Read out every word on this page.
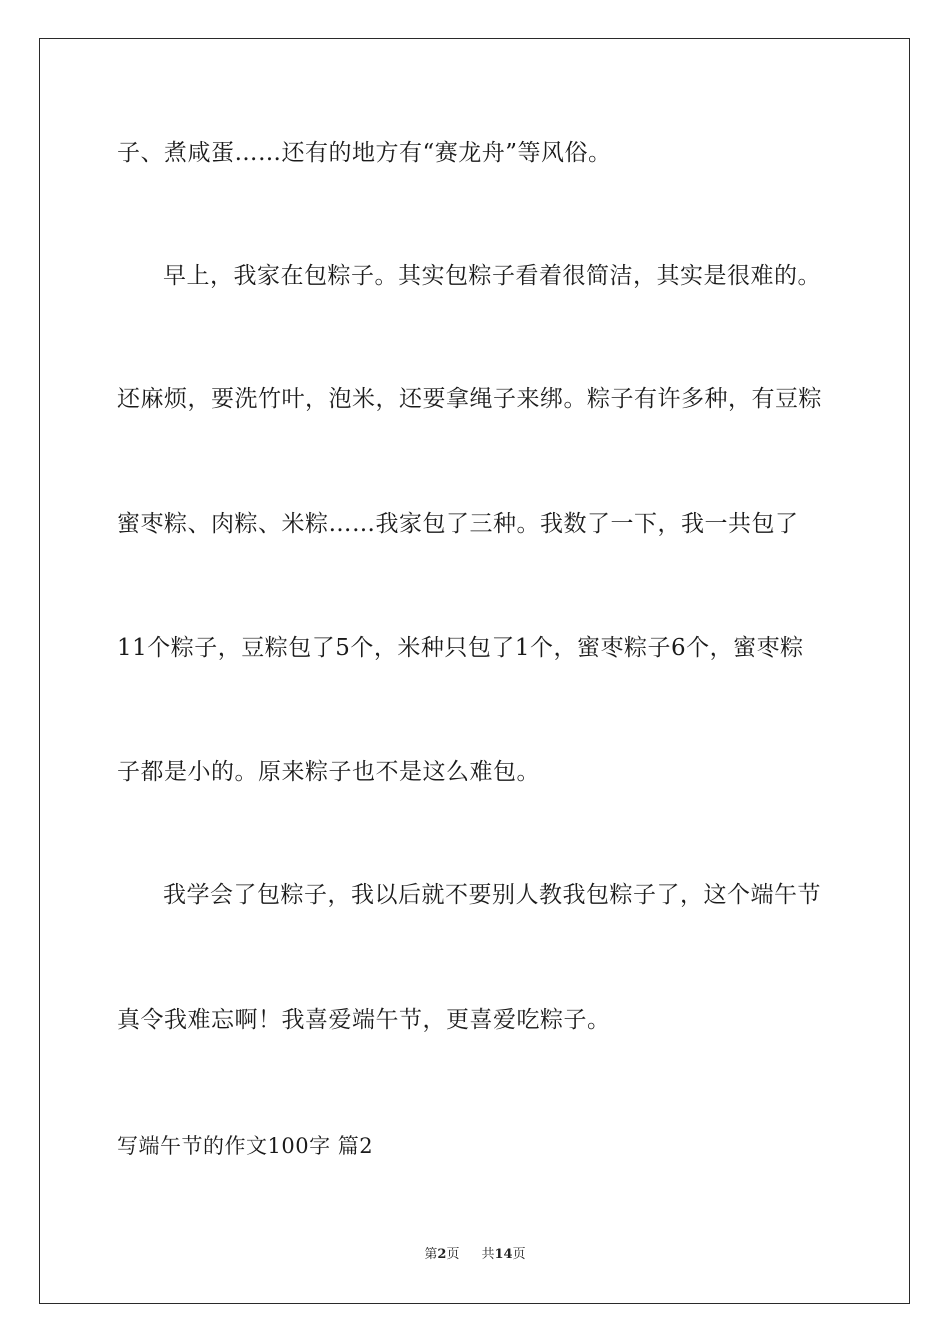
子、煮咸蛋……还有的地方有“赛龙舟”等风俗。
早上，我家在包粽子。其实包粽子看着很简洁，其实是很难的。
还麻烦，要洗竹叶，泡米，还要拿绳子来绑。粽子有许多种，有豆粽
蜜枣粽、肉粽、米粽……我家包了三种。我数了一下，我一共包了
11个粽子，豆粽包了5个，米种只包了1个，蜜枣粽子6个，蜜枣粽
子都是小的。原来粽子也不是这么难包。
我学会了包粽子，我以后就不要别人教我包粽子了，这个端午节
真令我难忘啊！我喜爱端午节，更喜爱吃粽子。
写端午节的作文100字 篇2
第2页 共14页
